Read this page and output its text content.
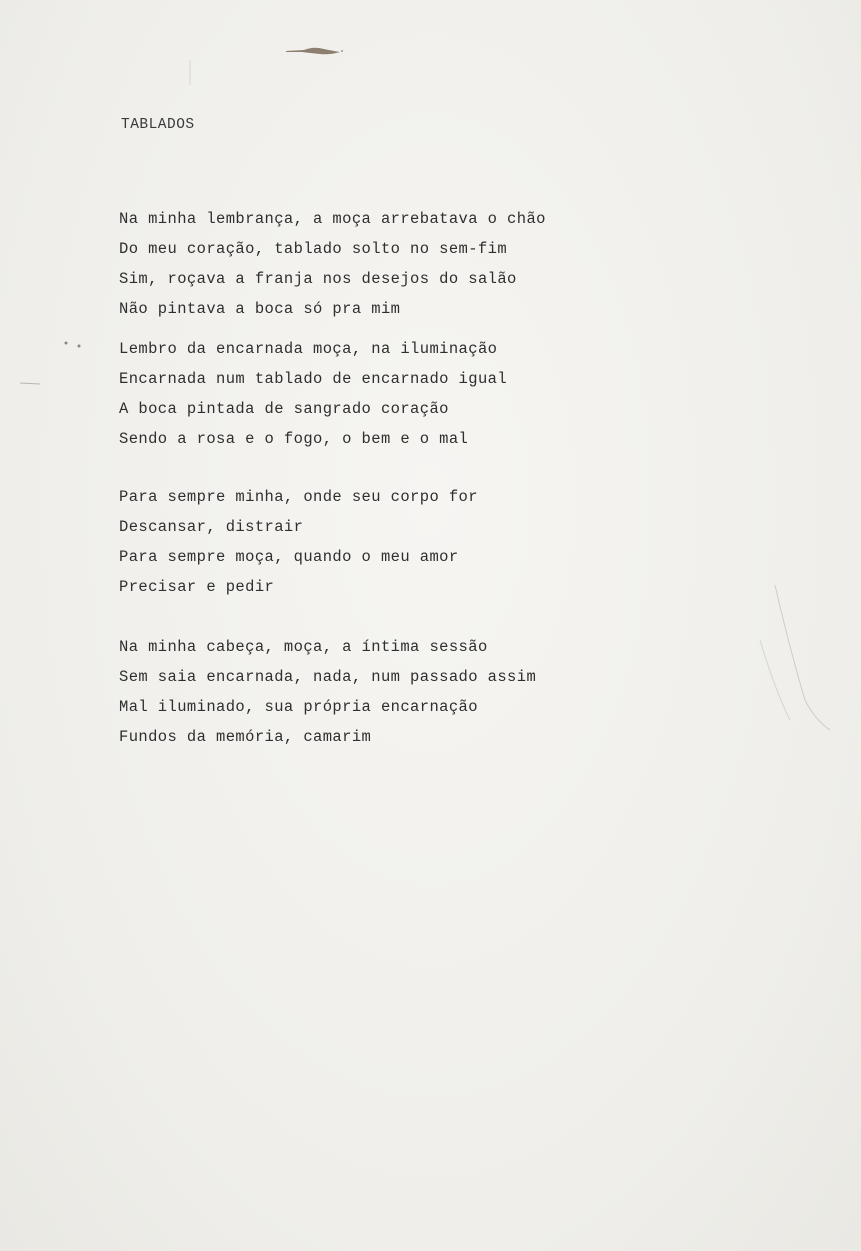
TABLADOS
Na minha lembrança, a moça arrebatava o chão
Do meu coração, tablado solto no sem-fim
Sim, roçava a franja nos desejos do salão
Não pintava a boca só pra mim
Lembro da encarnada moça, na iluminação
Encarnada num tablado de encarnado igual
A boca pintada de sangrado coração
Sendo a rosa e o fogo, o bem e o mal
Para sempre minha, onde seu corpo for
Descansar, distrair
Para sempre moça, quando o meu amor
Precisar e pedir
Na minha cabeça, moça, a íntima sessão
Sem saia encarnada, nada, num passado assim
Mal iluminado, sua própria encarnação
Fundos da memória, camarim
